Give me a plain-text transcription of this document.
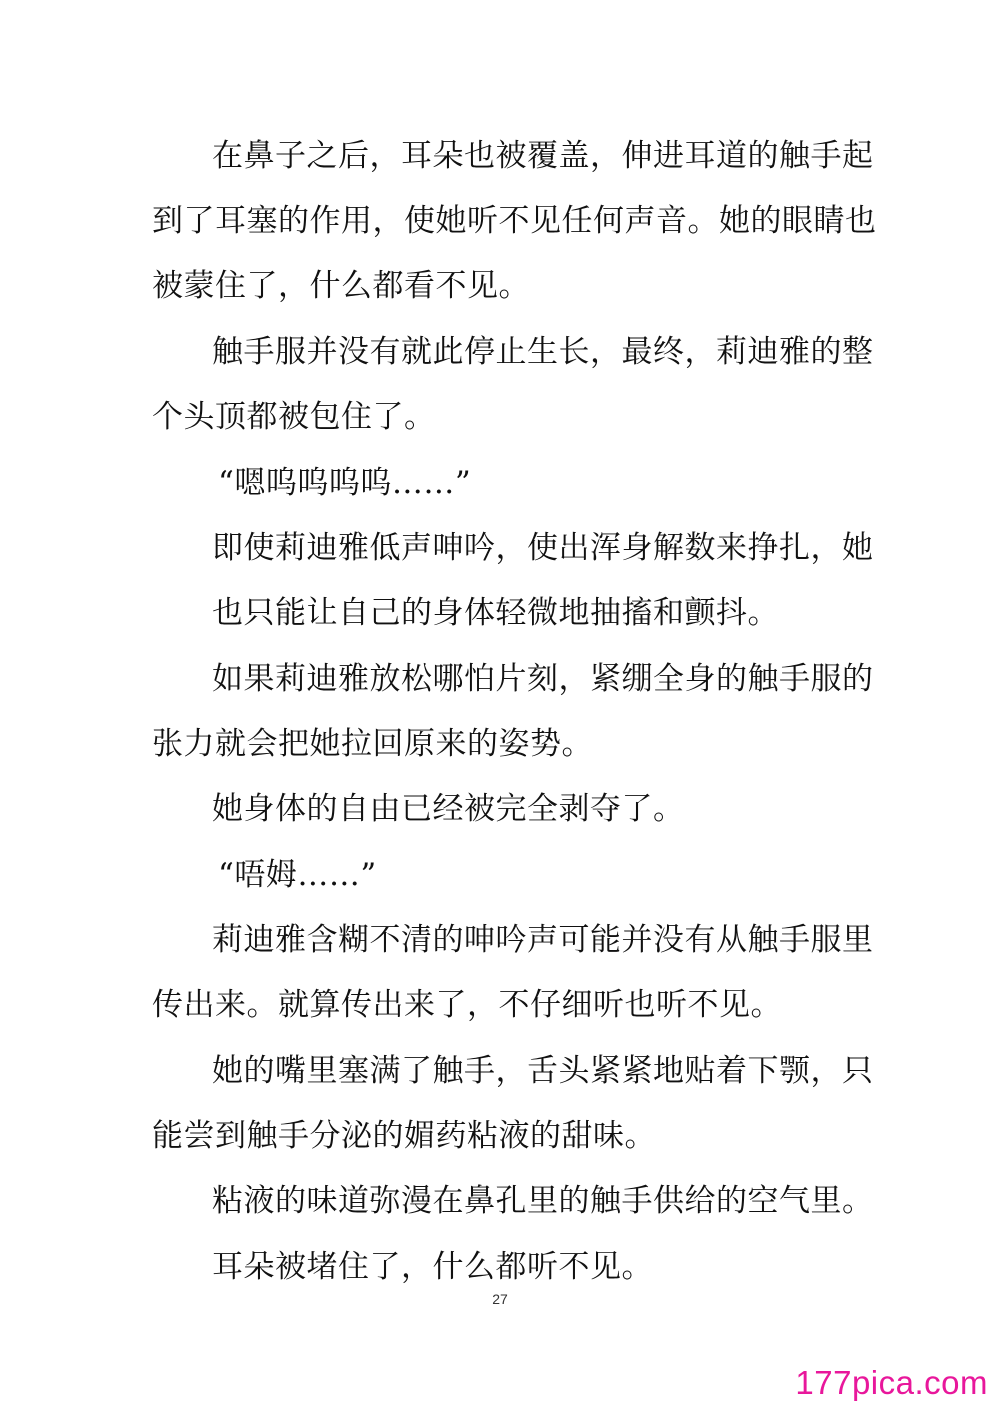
在鼻子之后，耳朵也被覆盖，伸进耳道的触手起
到了耳塞的作用，使她听不见任何声音。她的眼睛也
被蒙住了，什么都看不见。
触手服并没有就此停止生长，最终，莉迪雅的整
个头顶都被包住了。
“嗯呜呜呜呜……”
即使莉迪雅低声呻吟，使出浑身解数来挣扎，她
也只能让自己的身体轻微地抽搐和颤抖。
如果莉迪雅放松哪怕片刻，紧绷全身的触手服的
张力就会把她拉回原来的姿势。
她身体的自由已经被完全剥夺了。
“唔姆……”
莉迪雅含糊不清的呻吟声可能并没有从触手服里
传出来。就算传出来了，不仔细听也听不见。
她的嘴里塞满了触手，舌头紧紧地贴着下颚，只
能尝到触手分泌的媚药粘液的甜味。
粘液的味道弥漫在鼻孔里的触手供给的空气里。
耳朵被堵住了，什么都听不见。
27
177pica.com
